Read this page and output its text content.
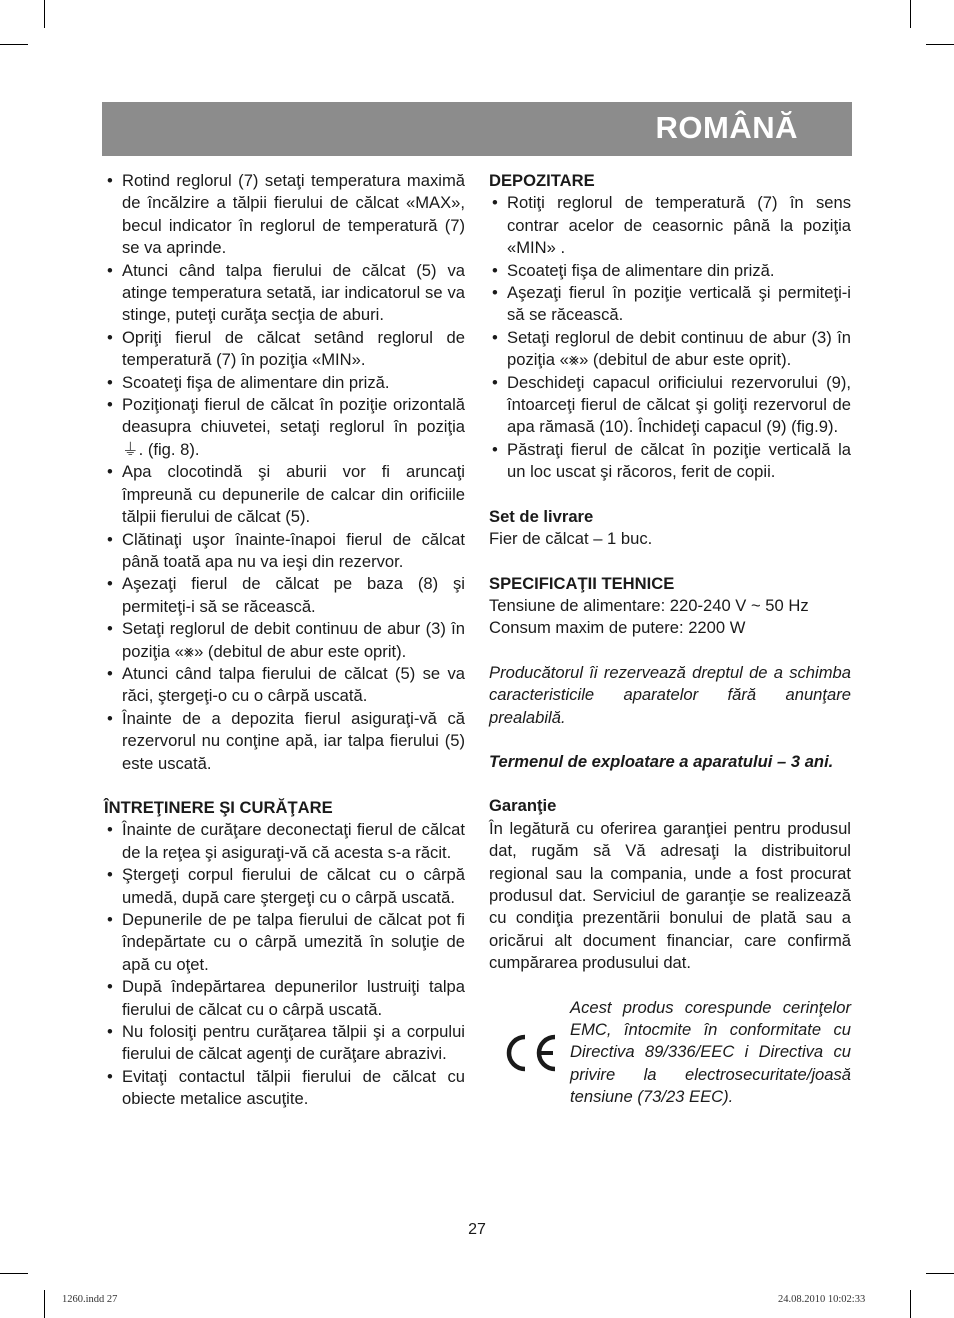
ROMÂNĂ
• Rotind reglorul (7) setaţi temperatura maximă de încălzire a tălpii fierului de călcat «MAX», becul indicator în reglorul de temperatură (7) se va aprinde.
• Atunci când talpa fierului de călcat (5) va atinge temperatura setată, iar indicatorul se va stinge, puteţi curăţa secţia de aburi.
• Opriţi fierul de călcat setând reglorul de temperatură (7) în poziţia «MIN».
• Scoateţi fişa de alimentare din priză.
• Poziţionaţi fierul de călcat în poziţie orizontală deasupra chiuvetei, setaţi reglorul în poziţia ⏚. (fig. 8).
• Apa clocotindă şi aburii vor fi aruncaţi împreună cu depunerile de calcar din orificiile tălpii fierului de călcat (5).
• Clătinaţi uşor înainte-înapoi fierul de călcat până toată apa nu va ieşi din rezervor.
• Aşezaţi fierul de călcat pe baza (8) şi permiteţi-i să se răcească.
• Setaţi reglorul de debit continuu de abur (3) în poziţia «⨳» (debitul de abur este oprit).
• Atunci când talpa fierului de călcat (5) se va răci, ştergeţi-o cu o cârpă uscată.
• Înainte de a depozita fierul asiguraţi-vă că rezervorul nu conţine apă, iar talpa fierului (5) este uscată.
ÎNTREŢINERE ŞI CURĂŢARE
• Înainte de curăţare deconectaţi fierul de călcat de la reţea şi asiguraţi-vă că acesta s-a răcit.
• Ştergeţi corpul fierului de călcat cu o cârpă umedă, după care ştergeţi cu o cârpă uscată.
• Depunerile de pe talpa fierului de călcat pot fi îndepărtate cu o cârpă umezită în soluţie de apă cu oţet.
• După îndepărtarea depunerilor lustruiţi talpa fierului de călcat cu o cârpă uscată.
• Nu folosiţi pentru curăţarea tălpii şi a corpului fierului de călcat agenţi de curăţare abrazivi.
• Evitaţi contactul tălpii fierului de călcat cu obiecte metalice ascuţite.
DEPOZITARE
• Rotiţi reglorul de temperatură (7) în sens contrar acelor de ceasornic până la poziţia «MIN» .
• Scoateţi fişa de alimentare din priză.
• Aşezaţi fierul în poziţie verticală şi permiteţi-i să se răcească.
• Setaţi reglorul de debit continuu de abur (3) în poziţia «⨳» (debitul de abur este oprit).
• Deschideţi capacul orificiului rezervorului (9), întoarceţi fierul de călcat şi goliţi rezervorul de apa rămasă (10). Închideţi capacul (9) (fig.9).
• Păstraţi fierul de călcat în poziţie verticală la un loc uscat şi răcoros, ferit de copii.
Set de livrare
Fier de călcat – 1 buc.
SPECIFICAŢII TEHNICE
Tensiune de alimentare: 220-240 V ~ 50 Hz
Consum maxim de putere: 2200 W
Producătorul îi rezervează dreptul de a schimba caracteristicile aparatelor fără anunţare prealabilă.
Termenul de exploatare a aparatului – 3 ani.
Garanţie
În legătură cu oferirea garanţiei pentru produsul dat, rugăm să Vă adresaţi la distribuitorul regional sau la compania, unde a fost procurat produsul dat. Serviciul de garanţie se realizează cu condiţia prezentării bonului de plată sau a oricărui alt document financiar, care confirmă cumpărarea produsului dat.
Acest produs corespunde cerinţelor EMC, întocmite în conformitate cu Directiva 89/336/EEC i Directiva cu privire la electrosecuritate/joasă tensiune (73/23 EEC).
27
1260.indd 27	24.08.2010 10:02:33
